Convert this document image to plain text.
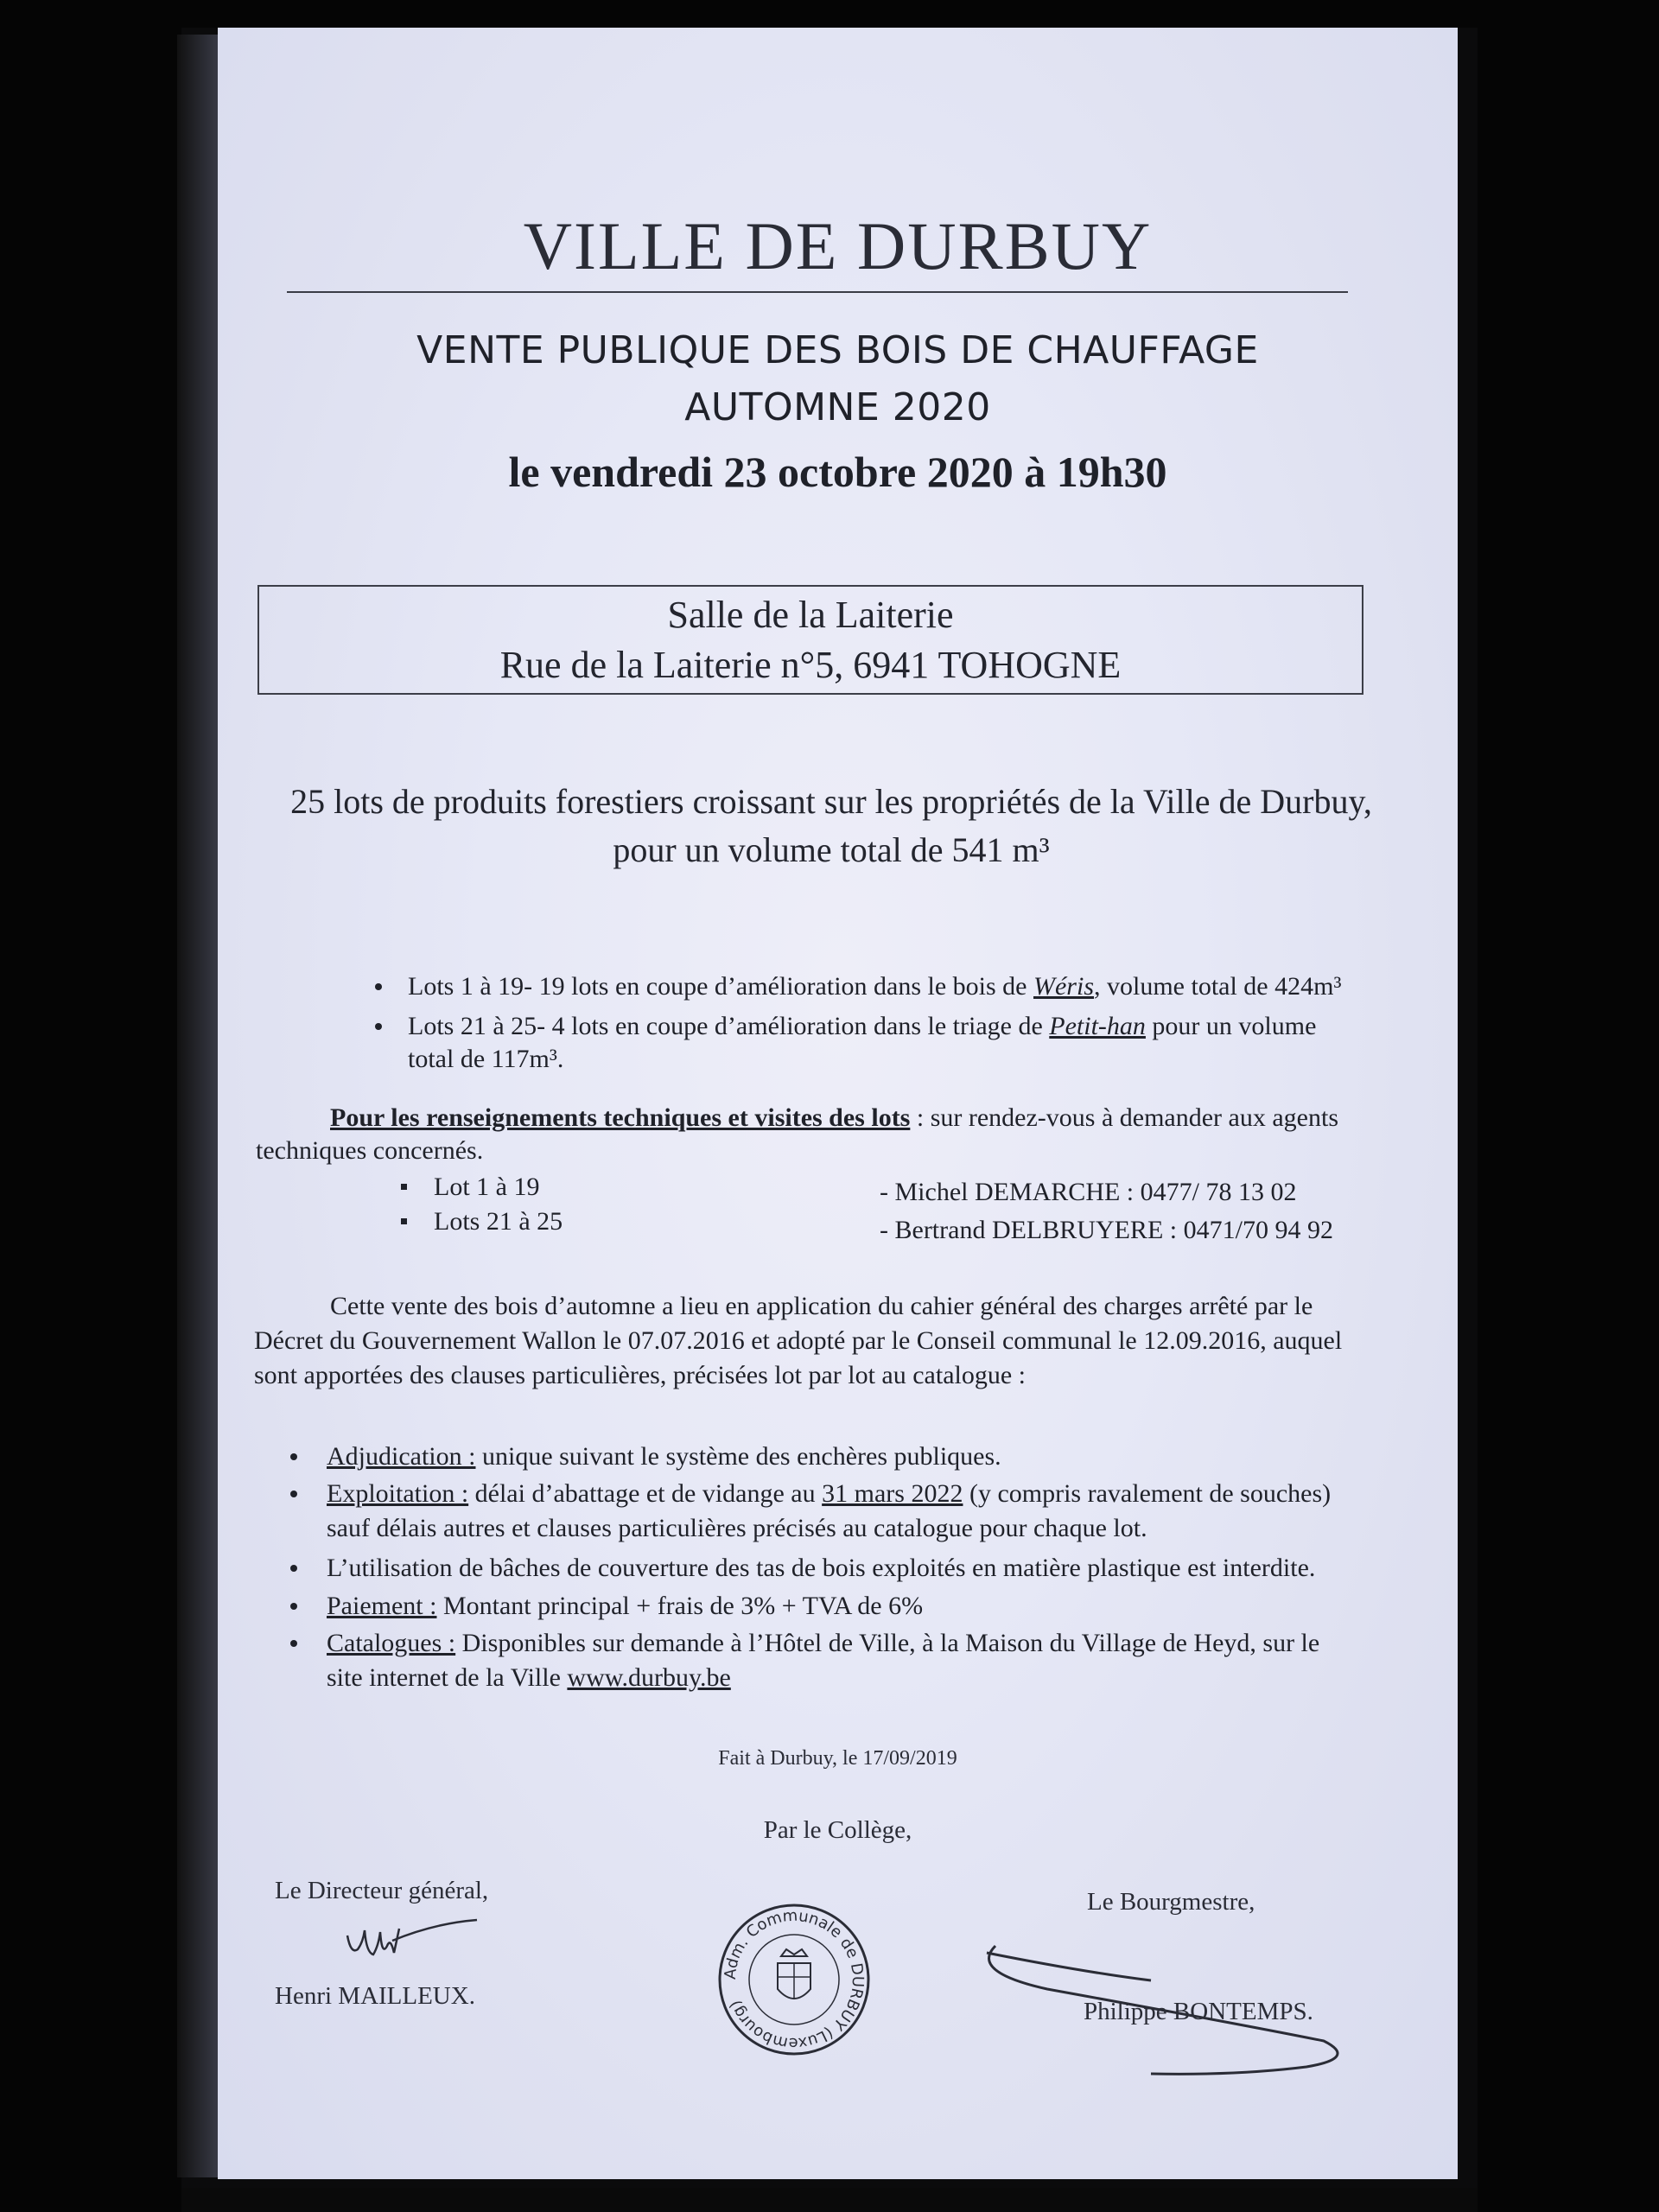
VILLE DE DURBUY
VENTE PUBLIQUE DES BOIS DE CHAUFFAGE
AUTOMNE 2020
le vendredi 23 octobre 2020 à 19h30
Salle de la Laiterie
Rue de la Laiterie n°5, 6941 TOHOGNE
25 lots de produits forestiers croissant sur les propriétés de la Ville de Durbuy,
pour un volume total de 541 m³
Lots 1 à 19- 19 lots en coupe d’amélioration dans le bois de Wéris, volume total de 424m³
Lots 21 à 25- 4 lots en coupe d’amélioration dans le triage de Petit-han pour un volume
total de 117m³.
Pour les renseignements techniques et visites des lots : sur rendez-vous à demander aux agents
techniques concernés.
Lot 1 à 19	- Michel DEMARCHE : 0477/ 78 13 02
Lots 21 à 25	- Bertrand DELBRUYERE : 0471/70 94 92
Cette vente des bois d’automne a lieu en application du cahier général des charges arrêté par le
Décret du Gouvernement Wallon le 07.07.2016 et adopté par le Conseil communal le 12.09.2016, auquel
sont apportées des clauses particulières, précisées lot par lot au catalogue :
Adjudication : unique suivant le système des enchères publiques.
Exploitation : délai d’abattage et de vidange au 31 mars 2022 (y compris ravalement de souches)
sauf délais autres et clauses particulières précisés au catalogue pour chaque lot.
L’utilisation de bâches de couverture des tas de bois exploités en matière plastique est interdite.
Paiement : Montant principal + frais de 3% + TVA de 6%
Catalogues : Disponibles sur demande à l’Hôtel de Ville, à la Maison du Village de Heyd, sur le
site internet de la Ville www.durbuy.be
Fait à Durbuy, le 17/09/2019
Par le Collège,
Le Directeur général,
Henri MAILLEUX.
Le Bourgmestre,
Philippe BONTEMPS.
Adm. Communale de DURBUY (Luxembourg)
